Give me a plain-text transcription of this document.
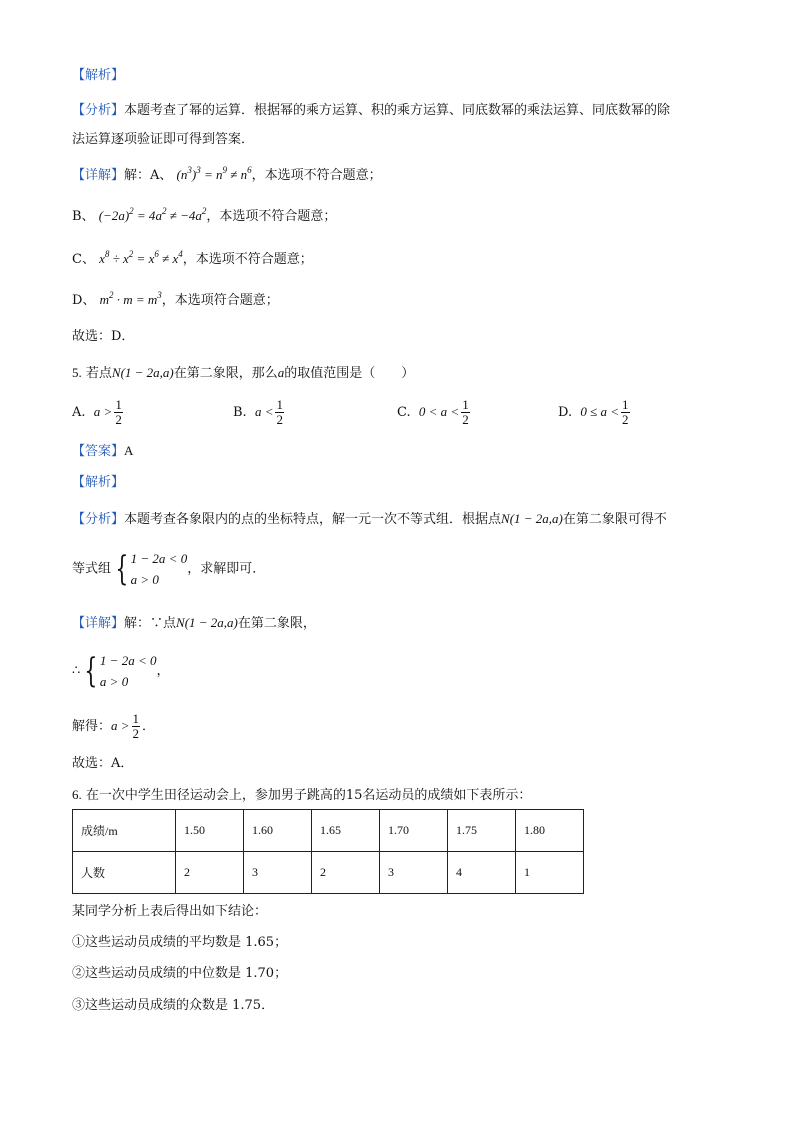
【解析】
【分析】本题考查了幂的运算．根据幂的乘方运算、积的乘方运算、同底数幂的乘法运算、同底数幂的除
法运算逐项验证即可得到答案．
【详解】解：A、 $(n^3)^3 = n^9 \ne n^6$，本选项不符合题意；
B、 $(-2a)^2 = 4a^2 \ne -4a^2$，本选项不符合题意；
C、 $x^8 \div x^2 = x^6 \ne x^4$，本选项不符合题意；
D、 $m^2 \cdot m = m^3$，本选项符合题意；
故选：D．
5. 若点N(1 − 2a,a)在第二象限，那么a的取值范围是（　　）
A. $a > \frac{1}{2}$	B. $a < \frac{1}{2}$	C. $0 < a < \frac{1}{2}$	D. $0 \le a < \frac{1}{2}$
【答案】A
【解析】
【分析】本题考查各象限内的点的坐标特点，解一元一次不等式组．根据点N(1 − 2a,a)在第二象限可得不
等式组 { 1 − 2a < 0
a > 0
，求解即可．
【详解】解：∵点N(1 − 2a,a)在第二象限，
∴ { 1 − 2a < 0
a > 0
，
解得：$a > \frac{1}{2}$ ．
故选：A．
6. 在一次中学生田径运动会上，参加男子跳高的15名运动员的成绩如下表所示：
成绩/m	1.50	1.60	1.65	1.70	1.75	1.80
人数	2	3	2	3	4	1
某同学分析上表后得出如下结论：
①这些运动员成绩的平均数是 1.65；
②这些运动员成绩的中位数是 1.70；
③这些运动员成绩的众数是 1.75．
